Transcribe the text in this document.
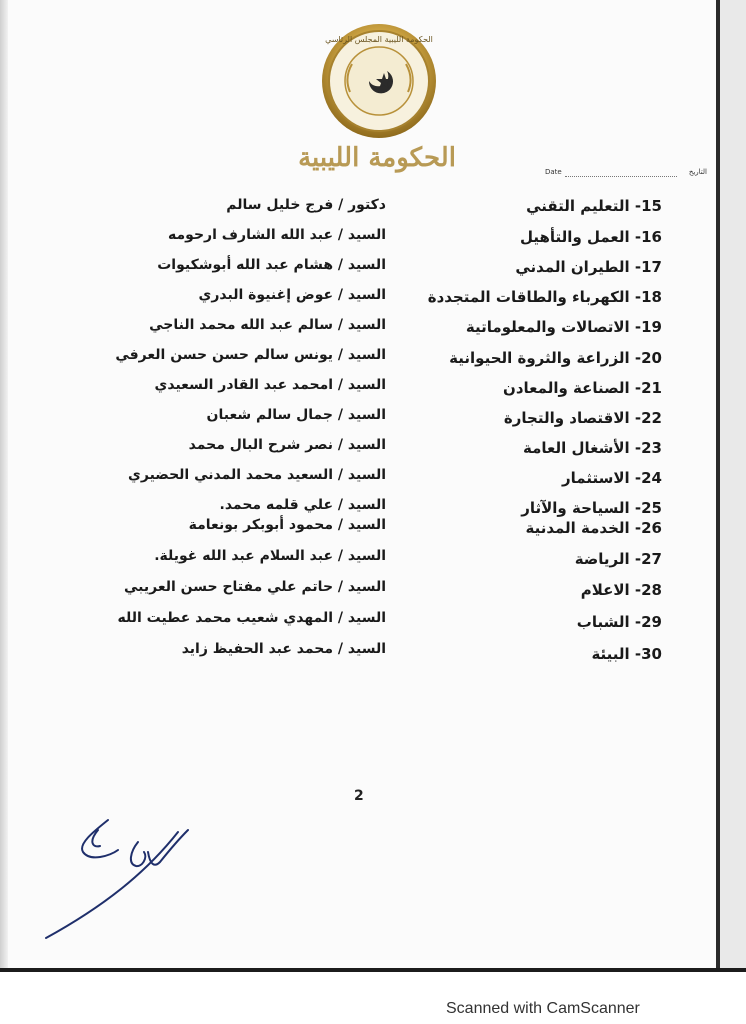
الحكومة الليبية المجلس الرئاسي
الحكومة الليبية	Date	التاريخ
15- التعليم التقني
دكتور / فرج خليل سالم
16- العمل والتأهيل
السيد / عبد الله الشارف ارحومه
17- الطيران المدني
السيد / هشام عبد الله أبوشكيوات
18- الكهرباء والطاقات المتجددة
السيد / عوض إغنيوة البدري
19- الاتصالات والمعلوماتية
السيد / سالم عبد الله محمد الناجي
20- الزراعة والثروة الحيوانية
السيد / يونس سالم حسن حسن العرفي
21- الصناعة والمعادن
السيد / امحمد عبد القادر السعيدي
22- الاقتصاد والتجارة
السيد / جمال سالم شعبان
23- الأشغال العامة
السيد / نصر شرح البال محمد
24- الاستثمار
السيد / السعيد محمد المدني الحضيري
25- السياحة والآثار
السيد / علي قلمه محمد.
26- الخدمة المدنية
السيد / محمود أبوبكر بونعامة
27- الرياضة
السيد / عبد السلام عبد الله غويلة.
28- الاعلام
السيد / حاتم علي مفتاح حسن العريبي
29- الشباب
السيد / المهدي شعيب محمد عطيت الله
30- البيئة
السيد / محمد عبد الحفيظ زايد
2
Scanned with CamScanner
